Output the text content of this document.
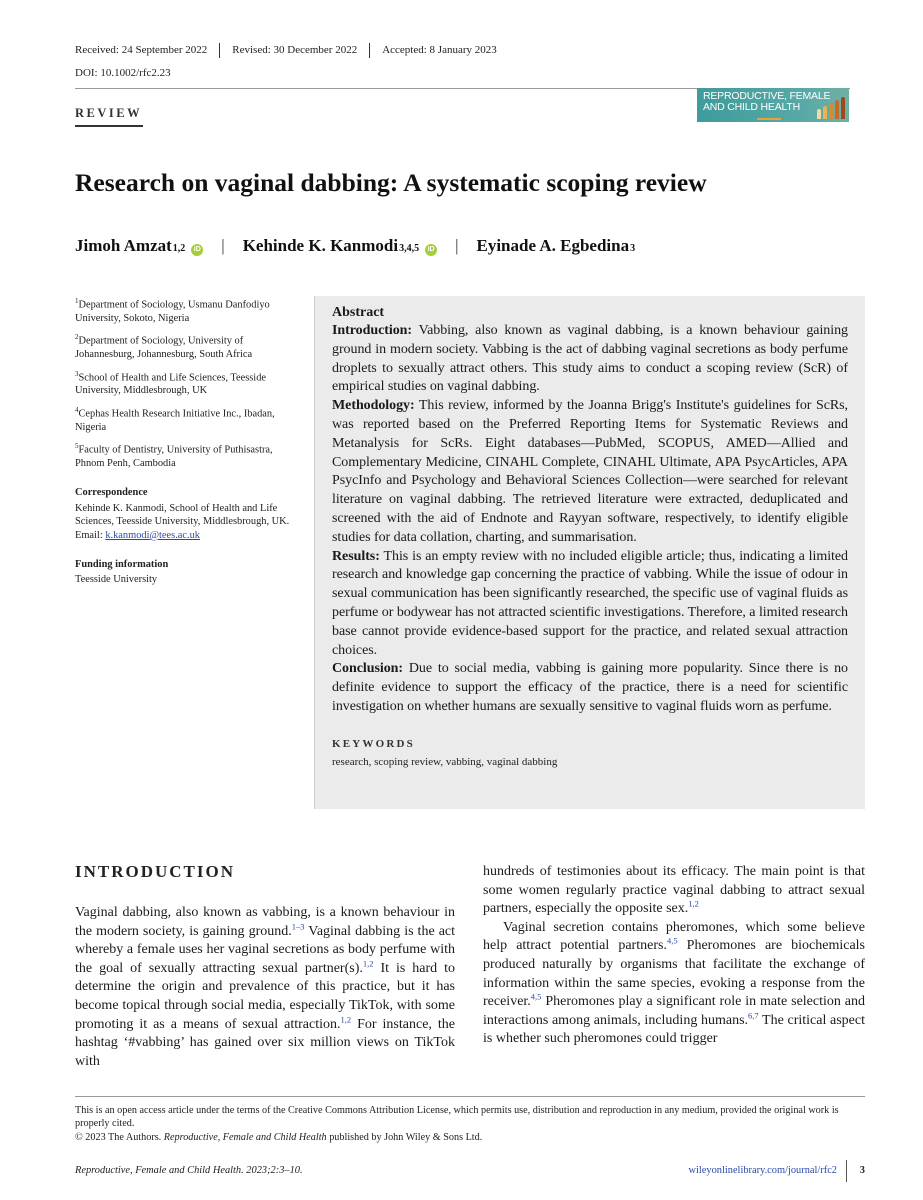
Received: 24 September 2022	Revised: 30 December 2022	Accepted: 8 January 2023
DOI: 10.1002/rfc2.23
REVIEW
REPRODUCTIVE, FEMALE
AND CHILD HEALTH
Research on vaginal dabbing: A systematic scoping review
Jimoh Amzat 1,2	iD | Kehinde K. Kanmodi 3,4,5	iD | Eyinade A. Egbedina 3

$^1$Department of Sociology, Usmanu Danfodiyo University, Sokoto, Nigeria

$^2$Department of Sociology, University of Johannesburg, Johannesburg, South Africa

$^3$School of Health and Life Sciences, Teesside University, Middlesbrough, UK

$^4$Cephas Health Research Initiative Inc., Ibadan, Nigeria

$^5$Faculty of Dentistry, University of Puthisastra, Phnom Penh, Cambodia

Correspondence
Kehinde K. Kanmodi, School of Health and Life Sciences, Teesside University, Middlesbrough, UK.
Email: k.kanmodi@tees.ac.uk
Funding information
Teesside University
Abstract

Introduction: Vabbing, also known as vaginal dabbing, is a known behaviour gaining ground in modern society. Vabbing is the act of dabbing vaginal secretions as body perfume droplets to sexually attract others. This study aims to conduct a scoping review (ScR) of empirical studies on vaginal dabbing.

Methodology: This review, informed by the Joanna Brigg's Institute's guidelines for ScRs, was reported based on the Preferred Reporting Items for Systematic Reviews and Metanalysis for ScRs. Eight databases—PubMed, SCOPUS, AMED—Allied and Complementary Medicine, CINAHL Complete, CINAHL Ultimate, APA PsycArticles, APA PsycInfo and Psychology and Behavioral Sciences Collection—were searched for relevant literature on vaginal dabbing. The retrieved literature were extracted, deduplicated and screened with the aid of Endnote and Rayyan software, respectively, to identify eligible studies for data collation, charting, and summarisation.

Results: This is an empty review with no included eligible article; thus, indicating a limited research and knowledge gap concerning the practice of vabbing. While the issue of odour in sexual communication has been significantly researched, the specific use of vaginal fluids as perfume or bodywear has not attracted scientific investigations. Therefore, a limited research base cannot provide evidence-based support for the practice, and related sexual attraction choices.

Conclusion: Due to social media, vabbing is gaining more popularity. Since there is no definite evidence to support the efficacy of the practice, there is a need for scientific investigation on whether humans are sexually sensitive to vaginal fluids worn as perfume.

KEYWORDS
research, scoping review, vabbing, vaginal dabbing
INTRODUCTION

Vaginal dabbing, also known as vabbing, is a known behaviour in the modern society, is gaining ground.$^{1-3}$ Vaginal dabbing is the act whereby a female uses her vaginal secretions as body perfume with the goal of sexually attracting sexual partner(s).$^{1,2}$ It is hard to determine the origin and prevalence of this practice, but it has become topical through social media, especially TikTok, with some promoting it as a means of sexual attraction.$^{1,2}$ For instance, the hashtag ‘#vabbing’ has gained over six million views on TikTok with

hundreds of testimonies about its efficacy. The main point is that some women regularly practice vaginal dabbing to attract sexual partners, especially the opposite sex.$^{1,2}$

Vaginal secretion contains pheromones, which some believe help attract potential partners.$^{4,5}$ Pheromones are biochemicals produced naturally by organisms that facilitate the exchange of information within the same species, evoking a response from the receiver.$^{4,5}$ Pheromones play a significant role in mate selection and interactions among animals, including humans.$^{6,7}$ The critical aspect is whether such pheromones could trigger

This is an open access article under the terms of the Creative Commons Attribution License, which permits use, distribution and reproduction in any medium, provided the original work is properly cited.
© 2023 The Authors. Reproductive, Female and Child Health published by John Wiley & Sons Ltd.
Reproductive, Female and Child Health. 2023;2:3–10.	wileyonlinelibrary.com/journal/rfc2 3
